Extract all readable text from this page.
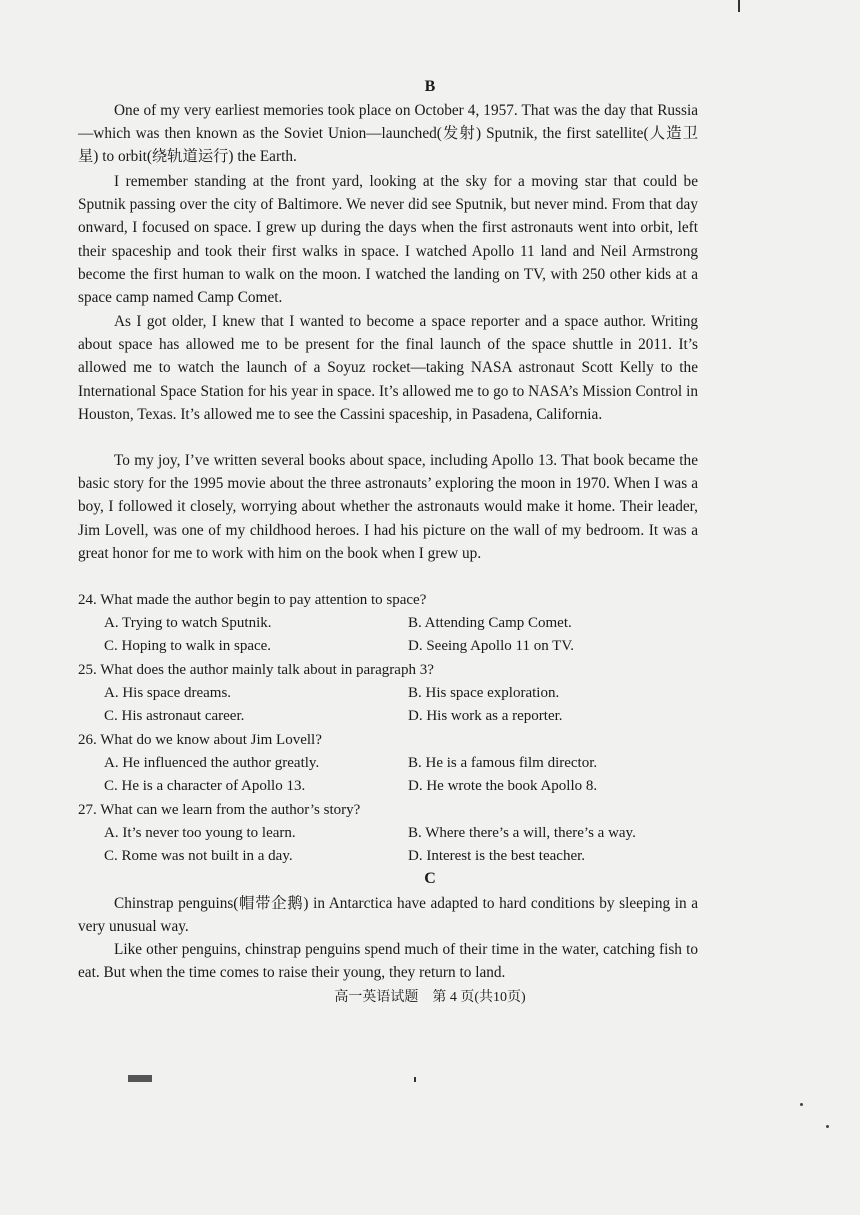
B

One of my very earliest memories took place on October 4, 1957. That was the day that Russia—which was then known as the Soviet Union—launched(发射) Sputnik, the first satellite(人造卫星) to orbit(绕轨道运行) the Earth.

I remember standing at the front yard, looking at the sky for a moving star that could be Sputnik passing over the city of Baltimore. We never did see Sputnik, but never mind. From that day onward, I focused on space. I grew up during the days when the first astronauts went into orbit, left their spaceship and took their first walks in space. I watched Apollo 11 land and Neil Armstrong become the first human to walk on the moon. I watched the landing on TV, with 250 other kids at a space camp named Camp Comet.

As I got older, I knew that I wanted to become a space reporter and a space author. Writing about space has allowed me to be present for the final launch of the space shuttle in 2011. It’s allowed me to watch the launch of a Soyuz rocket—taking NASA astronaut Scott Kelly to the International Space Station for his year in space. It’s allowed me to go to NASA’s Mission Control in Houston, Texas. It’s allowed me to see the Cassini spaceship, in Pasadena, California.

To my joy, I’ve written several books about space, including Apollo 13. That book became the basic story for the 1995 movie about the three astronauts’ exploring the moon in 1970. When I was a boy, I followed it closely, worrying about whether the astronauts would make it home. Their leader, Jim Lovell, was one of my childhood heroes. I had his picture on the wall of my bedroom. It was a great honor for me to work with him on the book when I grew up.

24. What made the author begin to pay attention to space?
A. Trying to watch Sputnik.	B. Attending Camp Comet.
C. Hoping to walk in space.	D. Seeing Apollo 11 on TV.
25. What does the author mainly talk about in paragraph 3?
A. His space dreams.	B. His space exploration.
C. His astronaut career.	D. His work as a reporter.
26. What do we know about Jim Lovell?
A. He influenced the author greatly.	B. He is a famous film director.
C. He is a character of Apollo 13.	D. He wrote the book Apollo 8.
27. What can we learn from the author’s story?
A. It’s never too young to learn.	B. Where there’s a will, there’s a way.
C. Rome was not built in a day.	D. Interest is the best teacher.
C

Chinstrap penguins(帽带企鹅) in Antarctica have adapted to hard conditions by sleeping in a very unusual way.

Like other penguins, chinstrap penguins spend much of their time in the water, catching fish to eat. But when the time comes to raise their young, they return to land.

高一英语试题　第 4 页(共10页)
